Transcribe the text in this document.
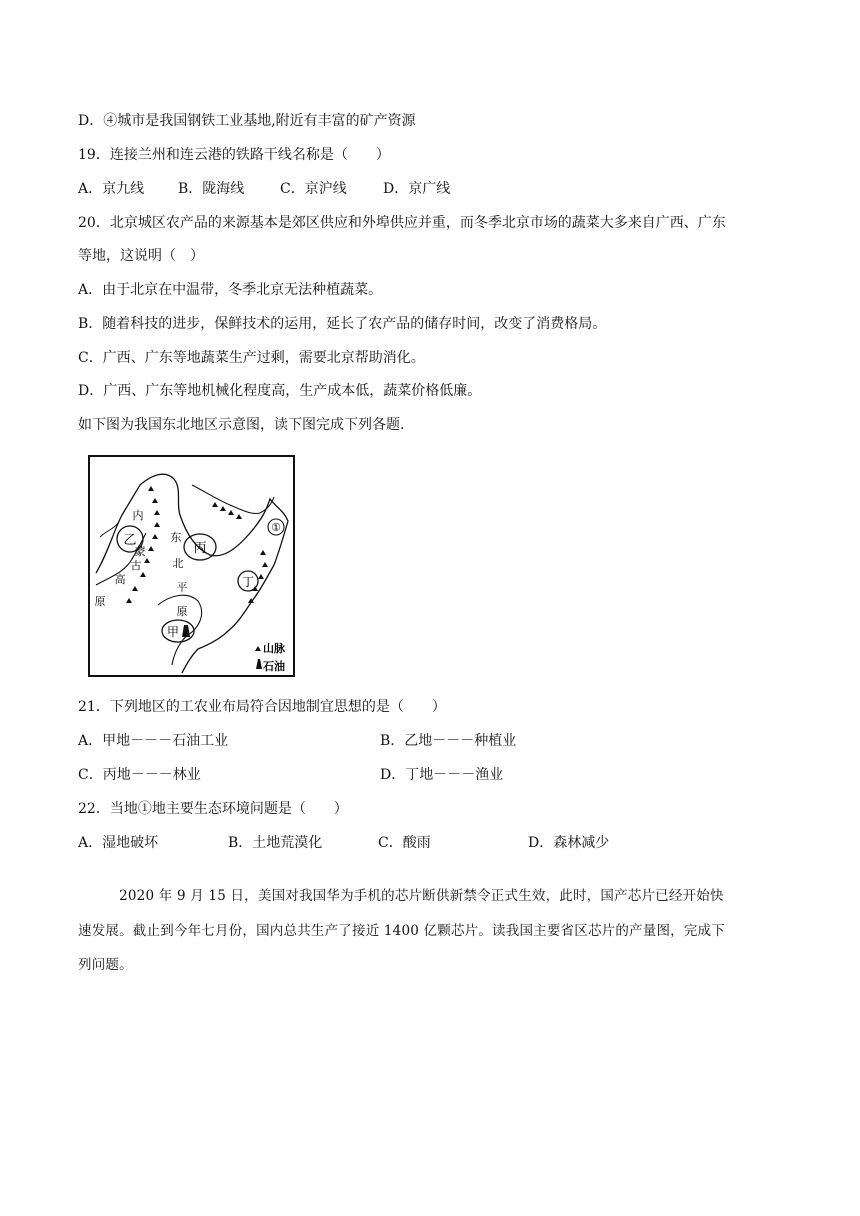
D．④城市是我国钢铁工业基地,附近有丰富的矿产资源
19．连接兰州和连云港的铁路干线名称是（　　）
A．京九线 B．陇海线	C．京沪线	D．京广线
20．北京城区农产品的来源基本是郊区供应和外埠供应并重，而冬季北京市场的蔬菜大多来自广西、广东
等地，这说明（　）
A．由于北京在中温带，冬季北京无法种植蔬菜。
B．随着科技的进步，保鲜技术的运用，延长了农产品的储存时间，改变了消费格局。
C．广西、广东等地蔬菜生产过剩，需要北京帮助消化。
D．广西、广东等地机械化程度高，生产成本低，蔬菜价格低廉。
如下图为我国东北地区示意图，读下图完成下列各题.
乙
丙
丁
甲
①
内
蒙
古
高
原
东
北
平
原
山脉
石油
21．下列地区的工农业布局符合因地制宜思想的是（　　）
A．甲地－－－石油工业	B．乙地－－－种植业
C．丙地－－－林业	D．丁地－－－渔业
22．当地①地主要生态环境问题是（　　）
A．湿地破坏	B．土地荒漠化	C．酸雨	D．森林减少
　　　2020 年 9 月 15 日，美国对我国华为手机的芯片断供新禁令正式生效，此时，国产芯片已经开始快
速发展。截止到今年七月份，国内总共生产了接近 1400 亿颗芯片。读我国主要省区芯片的产量图，完成下
列问题。
